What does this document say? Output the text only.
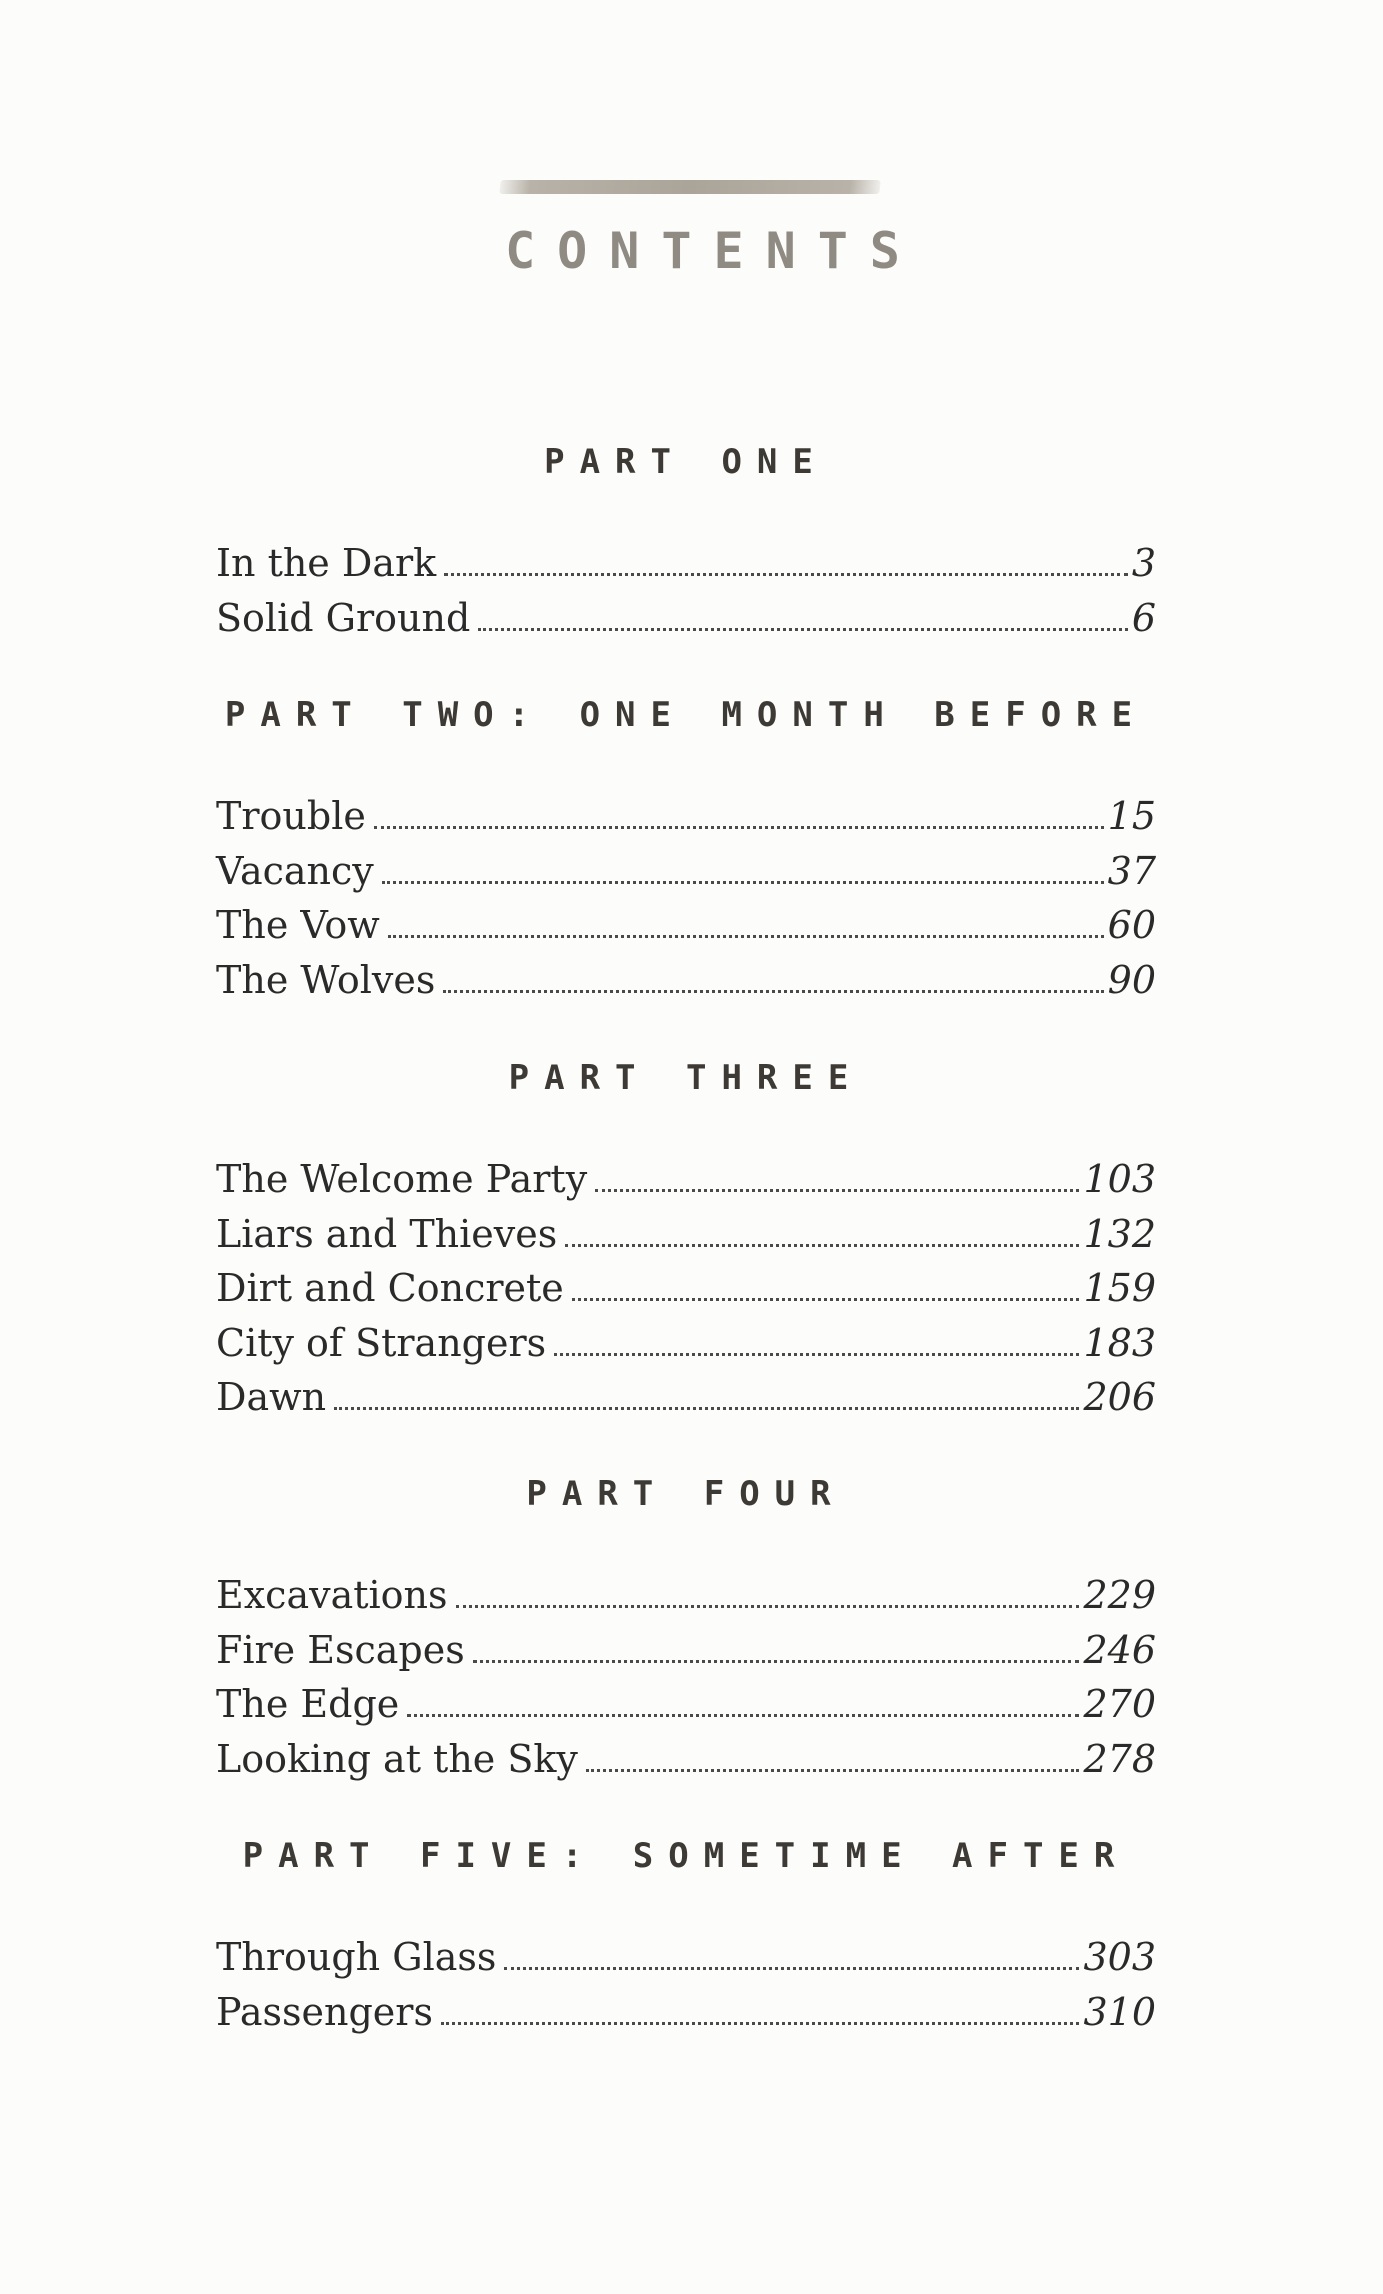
CONTENTS
PART ONE
In the Dark	3
Solid Ground	6
PART TWO: ONE MONTH BEFORE
Trouble	15
Vacancy	37
The Vow	60
The Wolves	90
PART THREE
The Welcome Party	103
Liars and Thieves	132
Dirt and Concrete	159
City of Strangers	183
Dawn	206
PART FOUR
Excavations	229
Fire Escapes	246
The Edge	270
Looking at the Sky	278
PART FIVE: SOMETIME AFTER
Through Glass	303
Passengers	310
